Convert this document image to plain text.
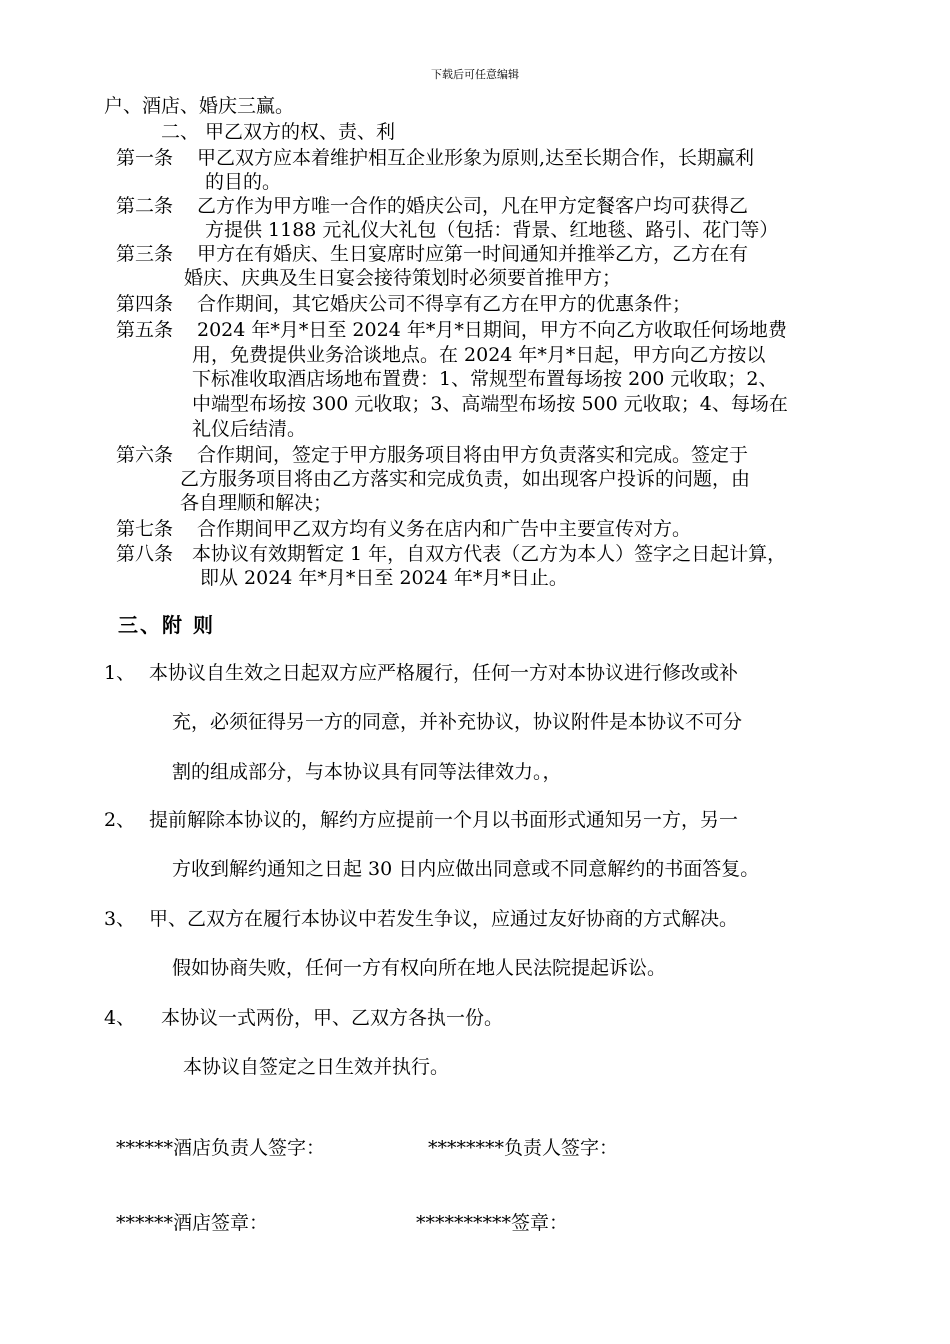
下载后可任意编辑
户、酒店、婚庆三赢。
二、 甲乙双方的权、责、利
第一条 甲乙双方应本着维护相互企业形象为原则,达至长期合作，长期赢利
的目的。
第二条 乙方作为甲方唯一合作的婚庆公司，凡在甲方定餐客户均可获得乙
方提供 1188 元礼仪大礼包（包括：背景、红地毯、路引、花门等）
第三条 甲方在有婚庆、生日宴席时应第一时间通知并推举乙方，乙方在有
婚庆、庆典及生日宴会接待策划时必须要首推甲方；
第四条 合作期间，其它婚庆公司不得享有乙方在甲方的优惠条件；
第五条 2024 年*月*日至 2024 年*月*日期间，甲方不向乙方收取任何场地费
用，免费提供业务洽谈地点。在 2024 年*月*日起，甲方向乙方按以
下标准收取酒店场地布置费：1、常规型布置每场按 200 元收取；2、
中端型布场按 300 元收取；3、高端型布场按 500 元收取；4、每场在
礼仪后结清。
第六条 合作期间，签定于甲方服务项目将由甲方负责落实和完成。签定于
乙方服务项目将由乙方落实和完成负责，如出现客户投诉的问题，由
各自理顺和解决；
第七条 合作期间甲乙双方均有义务在店内和广告中主要宣传对方。
第八条 本协议有效期暂定 1 年，自双方代表（乙方为本人）签字之日起计算，
即从 2024 年*月*日至 2024 年*月*日止。
三、附 则
1、 本协议自生效之日起双方应严格履行，任何一方对本协议进行修改或补
充，必须征得另一方的同意，并补充协议，协议附件是本协议不可分
割的组成部分，与本协议具有同等法律效力。，
2、 提前解除本协议的，解约方应提前一个月以书面形式通知另一方，另一
方收到解约通知之日起 30 日内应做出同意或不同意解约的书面答复。
3、 甲、乙双方在履行本协议中若发生争议，应通过友好协商的方式解决。
假如协商失败，任何一方有权向所在地人民法院提起诉讼。
4、 本协议一式两份，甲、乙双方各执一份。
本协议自签定之日生效并执行。
******酒店负责人签字：	********负责人签字：
******酒店签章：	**********签章：
